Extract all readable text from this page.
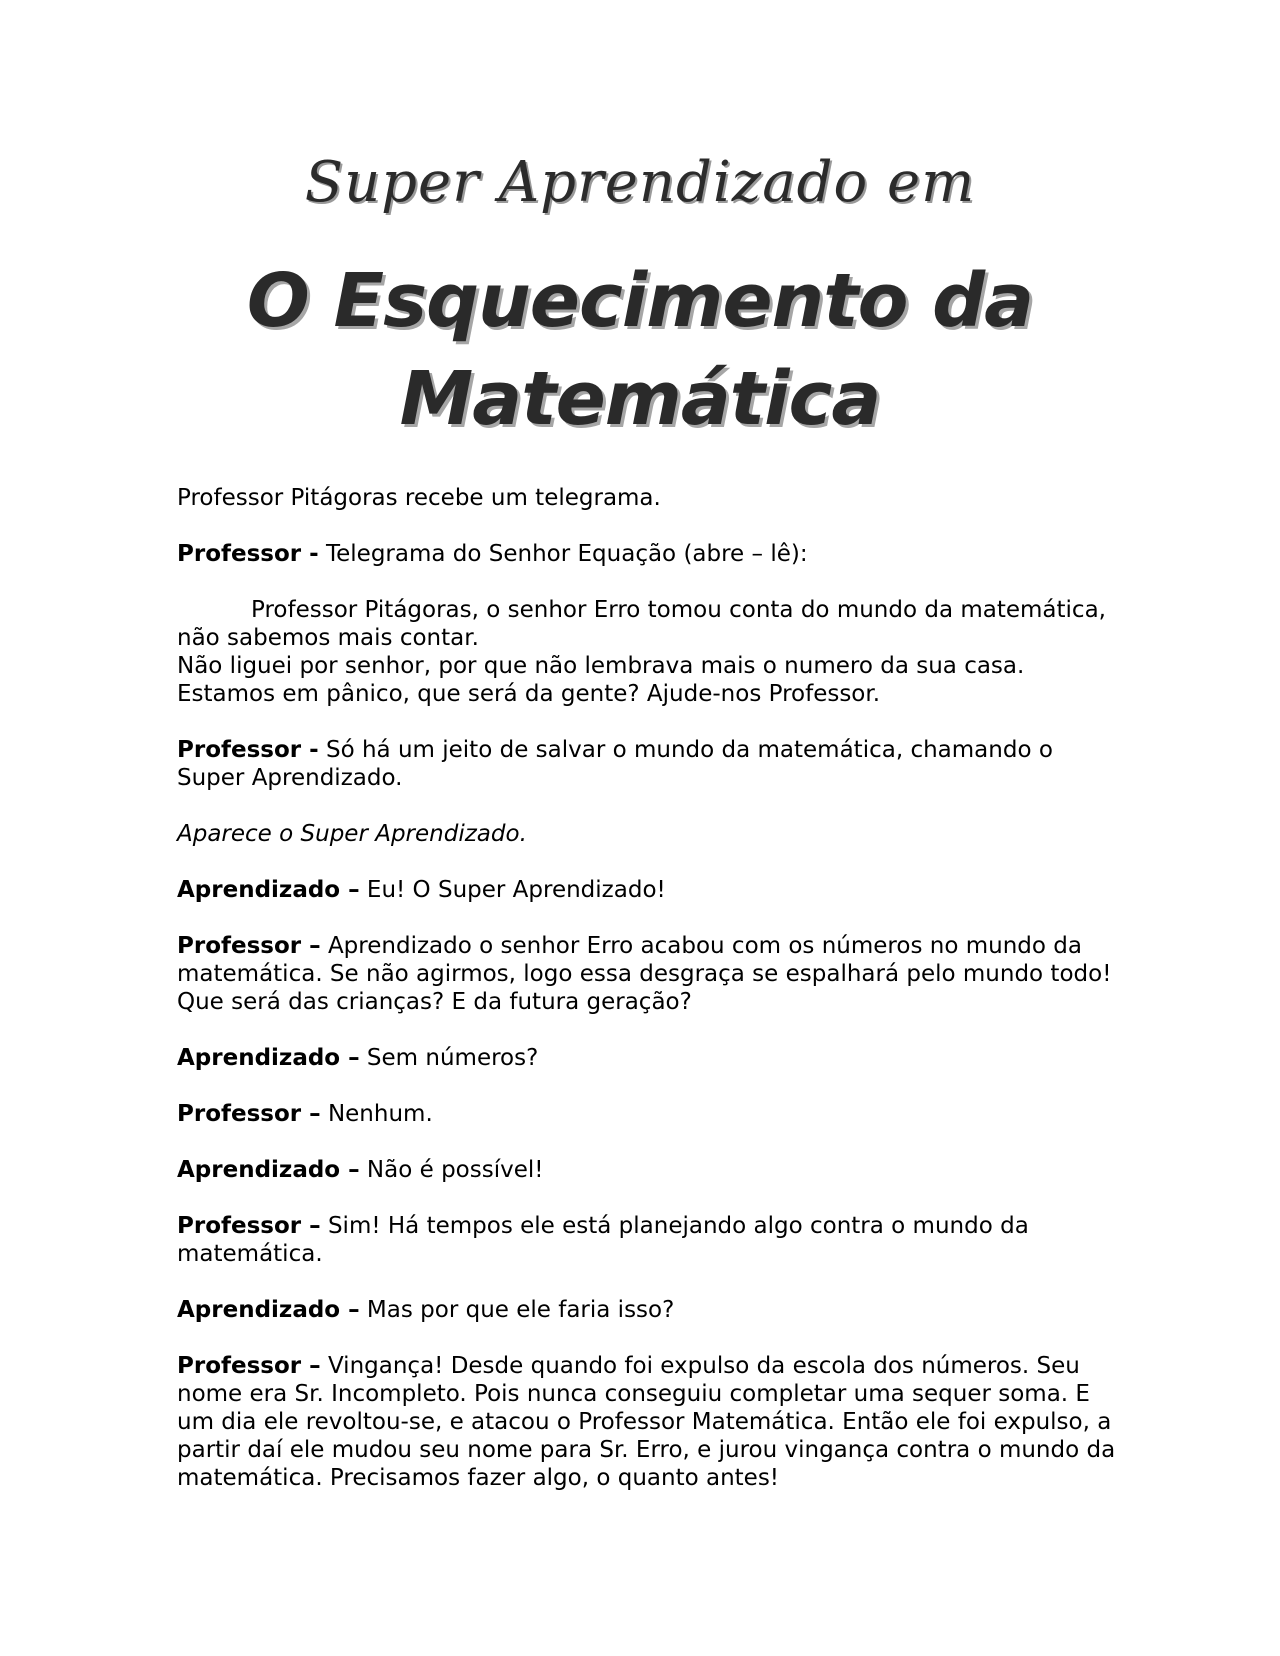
Super Aprendizado em
O Esquecimento da
Matemática

Professor Pitágoras recebe um telegrama.

Professor - Telegrama do Senhor Equação (abre – lê):

Professor Pitágoras, o senhor Erro tomou conta do mundo da matemática, não sabemos mais contar.

Não liguei por senhor, por que não lembrava mais o numero da sua casa.

Estamos em pânico, que será da gente? Ajude-nos Professor.

Professor - Só há um jeito de salvar o mundo da matemática, chamando o Super Aprendizado.

Aparece o Super Aprendizado.

Aprendizado – Eu! O Super Aprendizado!

Professor – Aprendizado o senhor Erro acabou com os números no mundo da matemática. Se não agirmos, logo essa desgraça se espalhará pelo mundo todo! Que será das crianças? E da futura geração?

Aprendizado – Sem números?

Professor – Nenhum.

Aprendizado – Não é possível!

Professor – Sim! Há tempos ele está planejando algo contra o mundo da matemática.

Aprendizado – Mas por que ele faria isso?

Professor – Vingança! Desde quando foi expulso da escola dos números. Seu nome era Sr. Incompleto. Pois nunca conseguiu completar uma sequer soma. E um dia ele revoltou-se, e atacou o Professor Matemática. Então ele foi expulso, a partir daí ele mudou seu nome para Sr. Erro, e jurou vingança contra o mundo da matemática. Precisamos fazer algo, o quanto antes!
